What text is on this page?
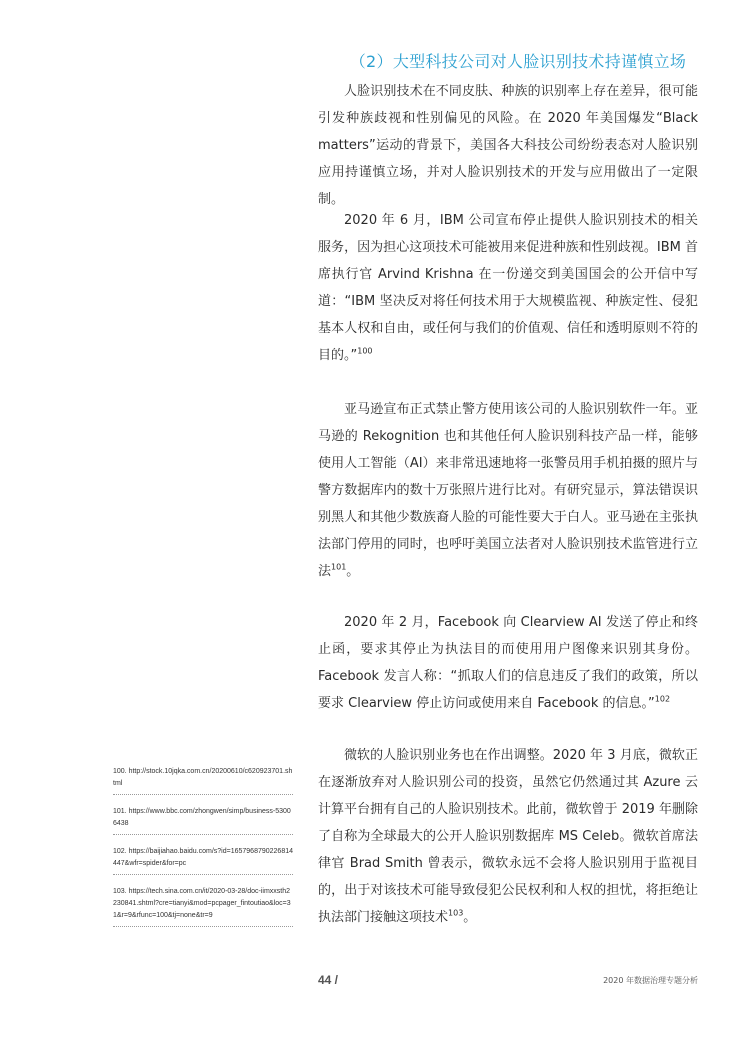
（2）大型科技公司对人脸识别技术持谨慎立场

人脸识别技术在不同皮肤、种族的识别率上存在差异，很可能引发种族歧视和性别偏见的风险。在 2020 年美国爆发“Black matters”运动的背景下，美国各大科技公司纷纷表态对人脸识别应用持谨慎立场，并对人脸识别技术的开发与应用做出了一定限制。

2020 年 6 月，IBM 公司宣布停止提供人脸识别技术的相关服务，因为担心这项技术可能被用来促进种族和性别歧视。IBM 首席执行官 Arvind Krishna 在一份递交到美国国会的公开信中写道：“IBM 坚决反对将任何技术用于大规模监视、种族定性、侵犯基本人权和自由，或任何与我们的价值观、信任和透明原则不符的目的。”$^{100}$

亚马逊宣布正式禁止警方使用该公司的人脸识别软件一年。亚马逊的 Rekognition 也和其他任何人脸识别科技产品一样，能够使用人工智能（AI）来非常迅速地将一张警员用手机拍摄的照片与警方数据库内的数十万张照片进行比对。有研究显示，算法错误识别黑人和其他少数族裔人脸的可能性要大于白人。亚马逊在主张执法部门停用的同时，也呼吁美国立法者对人脸识别技术监管进行立法$^{101}$。

2020 年 2 月，Facebook 向 Clearview AI 发送了停止和终止函，要求其停止为执法目的而使用用户图像来识别其身份。Facebook 发言人称：“抓取人们的信息违反了我们的政策，所以要求 Clearview 停止访问或使用来自 Facebook 的信息。”$^{102}$

微软的人脸识别业务也在作出调整。2020 年 3 月底，微软正在逐渐放弃对人脸识别公司的投资，虽然它仍然通过其 Azure 云计算平台拥有自己的人脸识别技术。此前，微软曾于 2019 年删除了自称为全球最大的公开人脸识别数据库 MS Celeb。微软首席法律官 Brad Smith 曾表示，微软永远不会将人脸识别用于监视目的，出于对该技术可能导致侵犯公民权利和人权的担忧，将拒绝让执法部门接触这项技术$^{103}$。

100. http://stock.10jqka.com.cn/20200610/c620923701.shtml

101. https://www.bbc.com/zhongwen/simp/business-53006438

102. https://baijiahao.baidu.com/s?id=1657968790226814447&wfr=spider&for=pc

103. https://tech.sina.com.cn/it/2020-03-28/doc-iimxxsth2230841.shtml?cre=tianyi&mod=pcpager_fintoutiao&loc=31&r=9&rfunc=100&tj=none&tr=9

44 /	2020 年数据治理专题分析
